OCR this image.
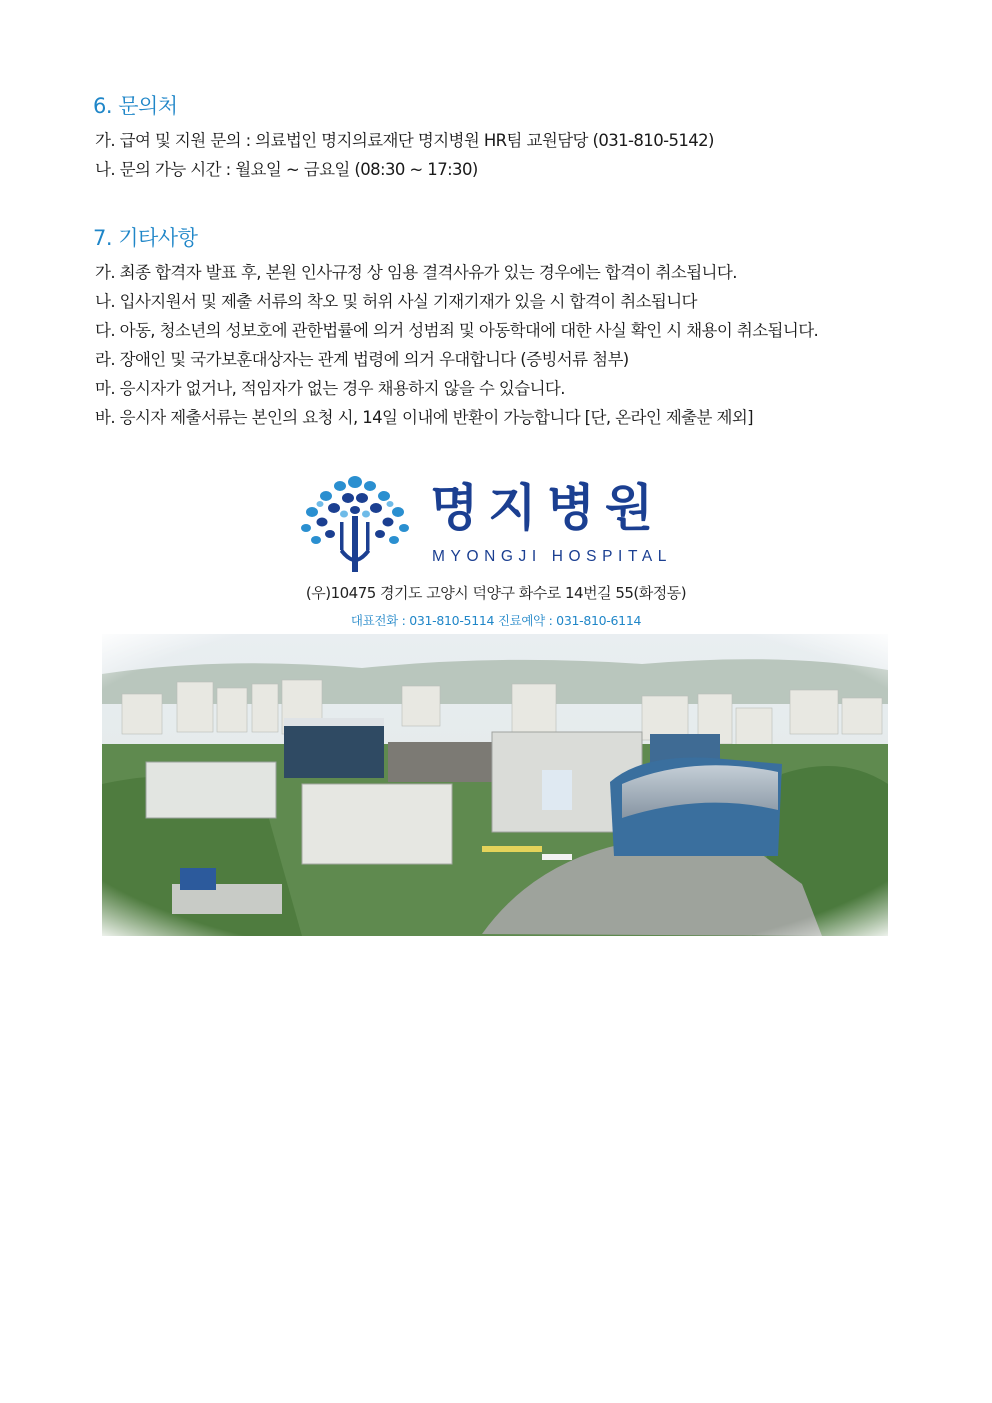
6. 문의처
가. 급여 및 지원 문의 : 의료법인 명지의료재단 명지병원 HR팀 교원담당 (031-810-5142)
나. 문의 가능 시간 : 월요일 ~ 금요일 (08:30 ~ 17:30)
7. 기타사항
가. 최종 합격자 발표 후, 본원 인사규정 상 임용 결격사유가 있는 경우에는 합격이 취소됩니다.
나. 입사지원서 및 제출 서류의 착오 및 허위 사실 기재기재가 있을 시 합격이 취소됩니다
다. 아동, 청소년의 성보호에 관한법률에 의거 성범죄 및 아동학대에 대한 사실 확인 시 채용이 취소됩니다.
라. 장애인 및 국가보훈대상자는 관계 법령에 의거 우대합니다 (증빙서류 첨부)
마. 응시자가 없거나, 적임자가 없는 경우 채용하지 않을 수 있습니다.
바. 응시자 제출서류는 본인의 요청 시, 14일 이내에 반환이 가능합니다 [단, 온라인 제출분 제외]
명지병원
MYONGJI HOSPITAL
(우)10475 경기도 고양시 덕양구 화수로 14번길 55(화정동)
대표전화 : 031-810-5114 진료예약 : 031-810-6114
